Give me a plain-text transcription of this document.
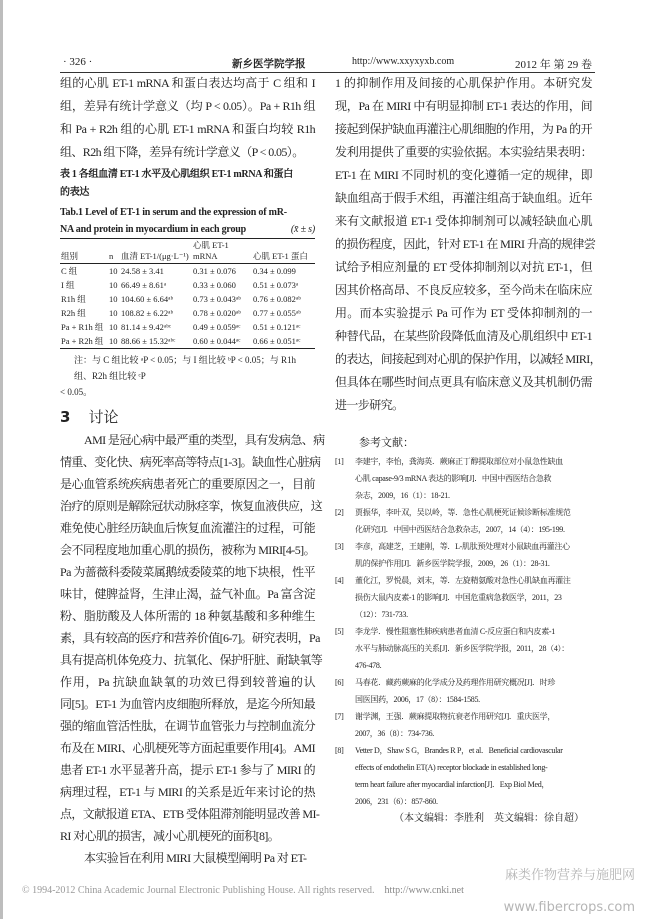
· 326 ·	新乡医学院学报	http://www.xxyxyxb.com	2012 年 第 29 卷
组的心肌 ET-1 mRNA 和蛋白表达均高于 C 组和 I
组，差异有统计学意义（均 P < 0.05）。Pa + R1h 组
和 Pa + R2h 组的心肌 ET-1 mRNA 和蛋白均较 R1h
组、R2h 组下降，差异有统计学意义（P < 0.05）。
表 1 各组血清 ET-1 水平及心肌组织 ET-1 mRNA 和蛋白
的表达
Tab.1 Level of ET-1 in serum and the expression of mR-
NA and protein in myocardium in each group	(x̄ ± s)
组别	n	血清 ET-1/(μg·L⁻¹)	心肌 ET-1 mRNA	心肌 ET-1 蛋白
C 组	10	24.58 ± 3.41	0.31 ± 0.076	0.34 ± 0.099
I 组	10	66.49 ± 8.61ᵃ	0.33 ± 0.060	0.51 ± 0.073ᵃ
R1h 组	10	104.60 ± 6.64ᵃᵇ	0.73 ± 0.043ᵃᵇ	0.76 ± 0.082ᵃᵇ
R2h 组	10	108.82 ± 6.22ᵃᵇ	0.78 ± 0.020ᵃᵇ	0.77 ± 0.055ᵃᵇ
Pa + R1h 组	10	81.14 ± 9.42ᵃᵇᶜ	0.49 ± 0.059ᵃᶜ	0.51 ± 0.121ᵃᶜ
Pa + R2h 组	10	88.66 ± 15.32ᵃᵇᶜ	0.60 ± 0.044ᵃᶜ	0.66 ± 0.051ᵃᶜ
注：与 C 组比较 ᵃP < 0.05；与 I 组比较 ᵇP < 0.05；与 R1h 组、R2h 组比较 ᶜP
< 0.05。
3 讨论
AMI 是冠心病中最严重的类型，具有发病急、病
情重、变化快、病死率高等特点[1-3]。缺血性心脏病
是心血管系统疾病患者死亡的重要原因之一，目前
治疗的原则是解除冠状动脉痉挛，恢复血液供应，这
难免使心脏经历缺血后恢复血流灌注的过程，可能
会不同程度地加重心肌的损伤，被称为 MIRI[4-5]。
Pa 为蔷薇科委陵菜属鹅绒委陵菜的地下块根，性平
味甘，健脾益肾，生津止渴，益气补血。Pa 富含淀
粉、脂肪酸及人体所需的 18 种氨基酸和多种维生
素，具有较高的医疗和营养价值[6-7]。研究表明，Pa
具有提高机体免疫力、抗氧化、保护肝脏、耐缺氧等
作用，Pa 抗缺血缺氧的功效已得到较普遍的认
同[5]。ET-1 为血管内皮细胞所释放，是迄今所知最
强的缩血管活性肽，在调节血管张力与控制血流分
布及在 MIRI、心肌梗死等方面起重要作用[4]。AMI
患者 ET-1 水平显著升高，提示 ET-1 参与了 MIRI 的
病理过程，ET-1 与 MIRI 的关系是近年来讨论的热
点，文献报道 ETA、ETB 受体阻滞剂能明显改善 MI-
RI 对心肌的损害，减小心肌梗死的面积[8]。
本实验旨在利用 MIRI 大鼠模型阐明 Pa 对 ET-
1 的抑制作用及间接的心肌保护作用。本研究发
现，Pa 在 MIRI 中有明显抑制 ET-1 表达的作用，间
接起到保护缺血再灌注心肌细胞的作用，为 Pa 的开
发利用提供了重要的实验依据。本实验结果表明：
ET-1 在 MIRI 不同时机的变化遵循一定的规律，即
缺血组高于假手术组，再灌注组高于缺血组。近年
来有文献报道 ET-1 受体抑制剂可以减轻缺血心肌
的损伤程度，因此，针对 ET-1 在 MIRI 升高的规律尝
试给予相应剂量的 ET 受体抑制剂以对抗 ET-1，但
因其价格高昂、不良反应较多，至今尚未在临床应
用。而本实验提示 Pa 可作为 ET 受体抑制剂的一
种替代品，在某些阶段降低血清及心肌组织中 ET-1
的表达，间接起到对心肌的保护作用，以减轻 MIRI，
但具体在哪些时间点更具有临床意义及其机制仍需
进一步研究。
参考文献：
[1] 李建宇，李怡，龚海英．蕨麻正丁醇提取部位对小鼠急性缺血
心肌 capase-9/3 mRNA 表达的影响[J]．中国中西医结合急救
杂志，2009，16（1）：18-21.
[2] 贾振华，李叶双，吴以岭，等．急性心肌梗死证候诊断标准规范
化研究[J]．中国中西医结合急救杂志，2007，14（4）：195-199.
[3] 李彦，高建芝，王建刚，等．L-肌肽预处理对小鼠缺血再灌注心
肌的保护作用[J]．新乡医学院学报，2009，26（1）：28-31.
[4] 董化江，罗悦晨，刘末，等．左旋精氨酸对急性心肌缺血再灌注
损伤大鼠内皮素-1 的影响[J]．中国危重病急救医学，2011，23
（12）：731-733.
[5] 李龙学．慢性阻塞性肺疾病患者血清 C-反应蛋白和内皮素-1
水平与肺动脉高压的关系[J]．新乡医学院学报，2011，28（4）：
476-478.
[6] 马春花．藏药蕨麻的化学成分及药理作用研究概况[J]．时珍
国医国药，2006，17（8）：1584-1585.
[7] 谢学渊，王强．蕨麻提取物抗衰老作用研究[J]．重庆医学，
2007，36（8）：734-736.
[8] Vetter D，Shaw S G，Brandes R P，et al．Beneficial cardiovascular
effects of endothelin ET(A) receptor blockade in established long-
term heart failure after myocardial infarction[J]．Exp Biol Med，
2006，231（6）：857-860.
（本文编辑：李胜利　英文编辑：徐自超）
© 1994-2012 China Academic Journal Electronic Publishing House. All rights reserved. http://www.cnki.net
麻类作物营养与施肥网
www.fibercrops.com
